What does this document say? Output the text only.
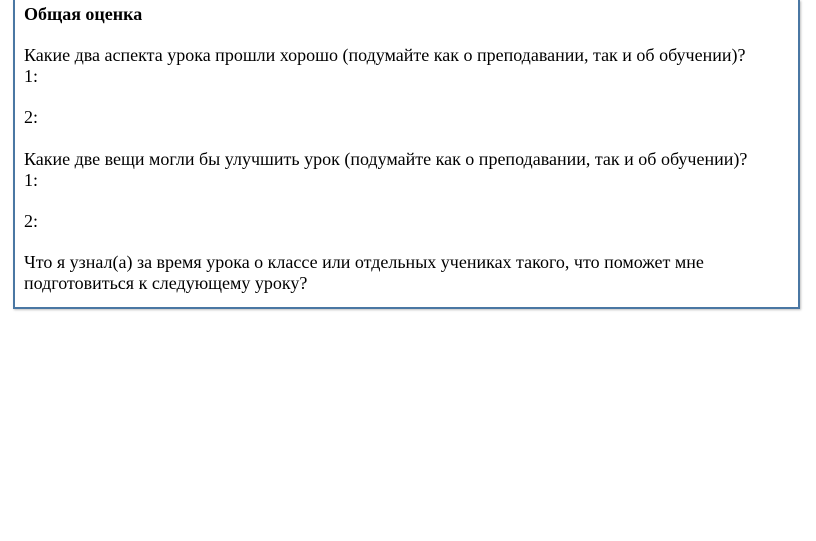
Общая оценка
Какие два аспекта урока прошли хорошо (подумайте как о преподавании, так и об обучении)?
1:
2:
Какие две вещи могли бы улучшить урок (подумайте как о преподавании, так и об обучении)?
1:
2:
Что я узнал(а) за время урока о классе или отдельных учениках такого, что поможет мне
подготовиться к следующему уроку?
